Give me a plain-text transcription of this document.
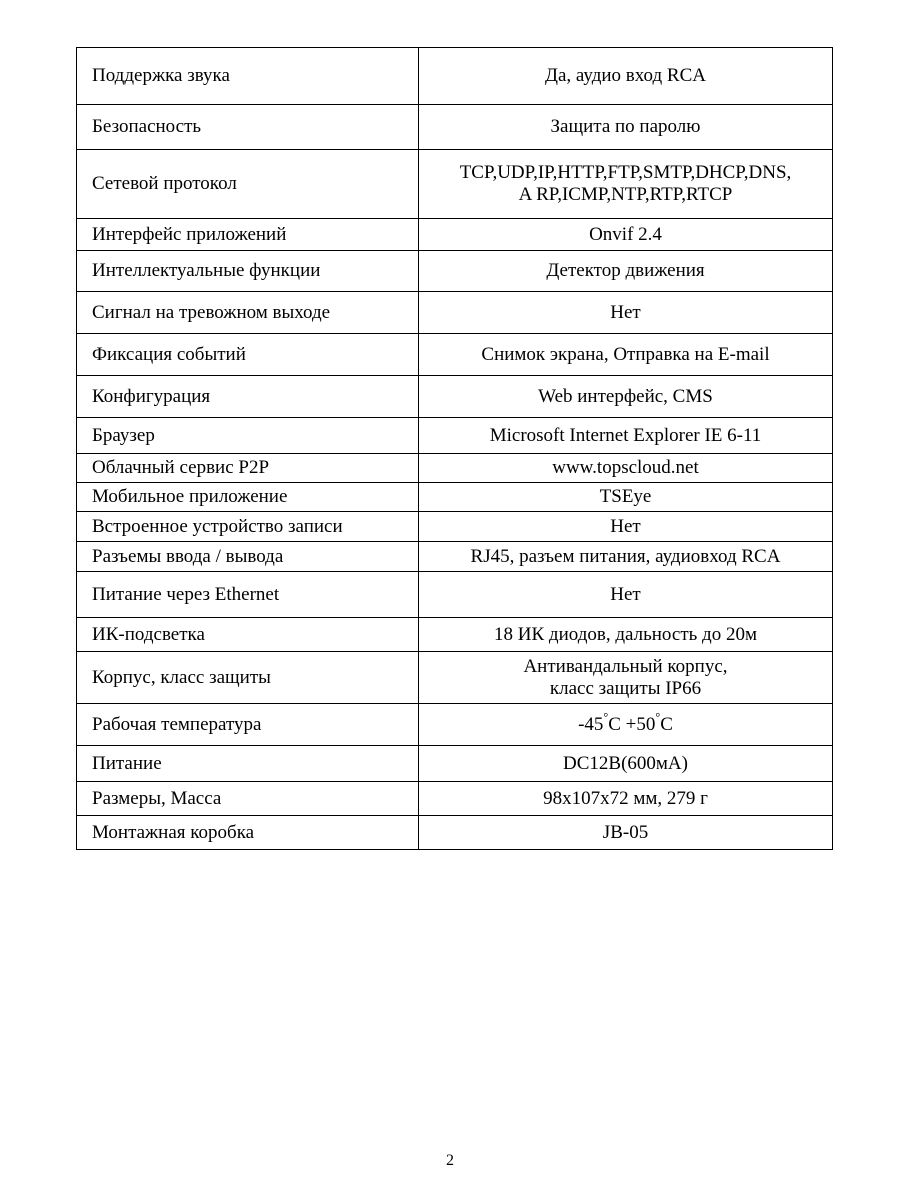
Поддержка звука	Да, аудио вход RCA

Безопасность	Защита по паролю

Сетевой протокол	TCP,UDP,IP,HTTP,FTP,SMTP,DHCP,DNS,
A RP,ICMP,NTP,RTP,RTCP

Интерфейс приложений	Onvif 2.4

Интеллектуальные функции	Детектор движения

Сигнал на тревожном выходе	Нет

Фиксация событий	Снимок экрана, Отправка на E-mail

Конфигурация	Web интерфейс, CMS

Браузер	Microsoft Internet Explorer IE 6-11

Облачный сервис P2P	www.topscloud.net

Мобильное приложение	TSEye

Встроенное устройство записи	Нет

Разъемы ввода / вывода	RJ45, разъем питания, аудиовход RCA

Питание через Ethernet	Нет

ИК-подсветка	18 ИК диодов, дальность до 20м

Корпус, класс защиты	Антивандальный корпус,
класс защиты IP66

Рабочая температура	-45°С +50°С

Питание	DC12В(600мА)

Размеры, Масса	98x107x72 мм, 279 г

Монтажная коробка	JB-05
2
